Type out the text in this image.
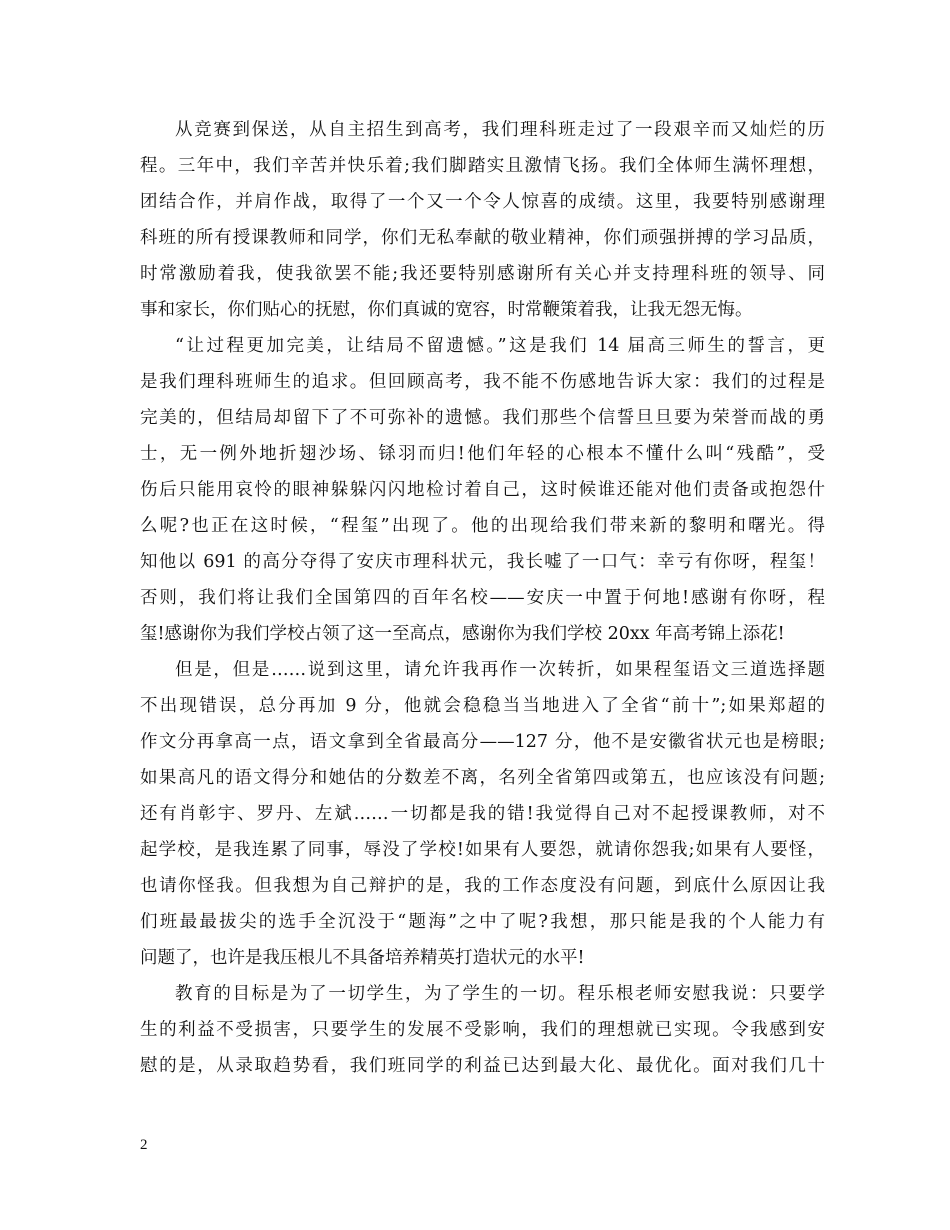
从竞赛到保送，从自主招生到高考，我们理科班走过了一段艰辛而又灿烂的历
程。三年中，我们辛苦并快乐着;我们脚踏实且激情飞扬。我们全体师生满怀理想，
团结合作，并肩作战，取得了一个又一个令人惊喜的成绩。这里，我要特别感谢理
科班的所有授课教师和同学，你们无私奉献的敬业精神，你们顽强拼搏的学习品质，
时常激励着我，使我欲罢不能;我还要特别感谢所有关心并支持理科班的领导、同
事和家长，你们贴心的抚慰，你们真诚的宽容，时常鞭策着我，让我无怨无悔。
“让过程更加完美，让结局不留遗憾。”这是我们 14 届高三师生的誓言，更
是我们理科班师生的追求。但回顾高考，我不能不伤感地告诉大家：我们的过程是
完美的，但结局却留下了不可弥补的遗憾。我们那些个信誓旦旦要为荣誉而战的勇
士，无一例外地折翅沙场、铩羽而归!他们年轻的心根本不懂什么叫“残酷”，受
伤后只能用哀怜的眼神躲躲闪闪地检讨着自己，这时候谁还能对他们责备或抱怨什
么呢?也正在这时候，“程玺”出现了。他的出现给我们带来新的黎明和曙光。得
知他以 691 的高分夺得了安庆市理科状元，我长嘘了一口气：幸亏有你呀，程玺！
否则，我们将让我们全国第四的百年名校——安庆一中置于何地!感谢有你呀，程
玺!感谢你为我们学校占领了这一至高点，感谢你为我们学校 20xx 年高考锦上添花!
但是，但是……说到这里，请允许我再作一次转折，如果程玺语文三道选择题
不出现错误，总分再加 9 分，他就会稳稳当当地进入了全省“前十”;如果郑超的
作文分再拿高一点，语文拿到全省最高分——127 分，他不是安徽省状元也是榜眼;
如果高凡的语文得分和她估的分数差不离，名列全省第四或第五，也应该没有问题;
还有肖彰宇、罗丹、左斌……一切都是我的错!我觉得自己对不起授课教师，对不
起学校，是我连累了同事，辱没了学校!如果有人要怨，就请你怨我;如果有人要怪，
也请你怪我。但我想为自己辩护的是，我的工作态度没有问题，到底什么原因让我
们班最最拔尖的选手全沉没于“题海”之中了呢?我想，那只能是我的个人能力有
问题了，也许是我压根儿不具备培养精英打造状元的水平!
教育的目标是为了一切学生，为了学生的一切。程乐根老师安慰我说：只要学
生的利益不受损害，只要学生的发展不受影响，我们的理想就已实现。令我感到安
慰的是，从录取趋势看，我们班同学的利益已达到最大化、最优化。面对我们几十
2
